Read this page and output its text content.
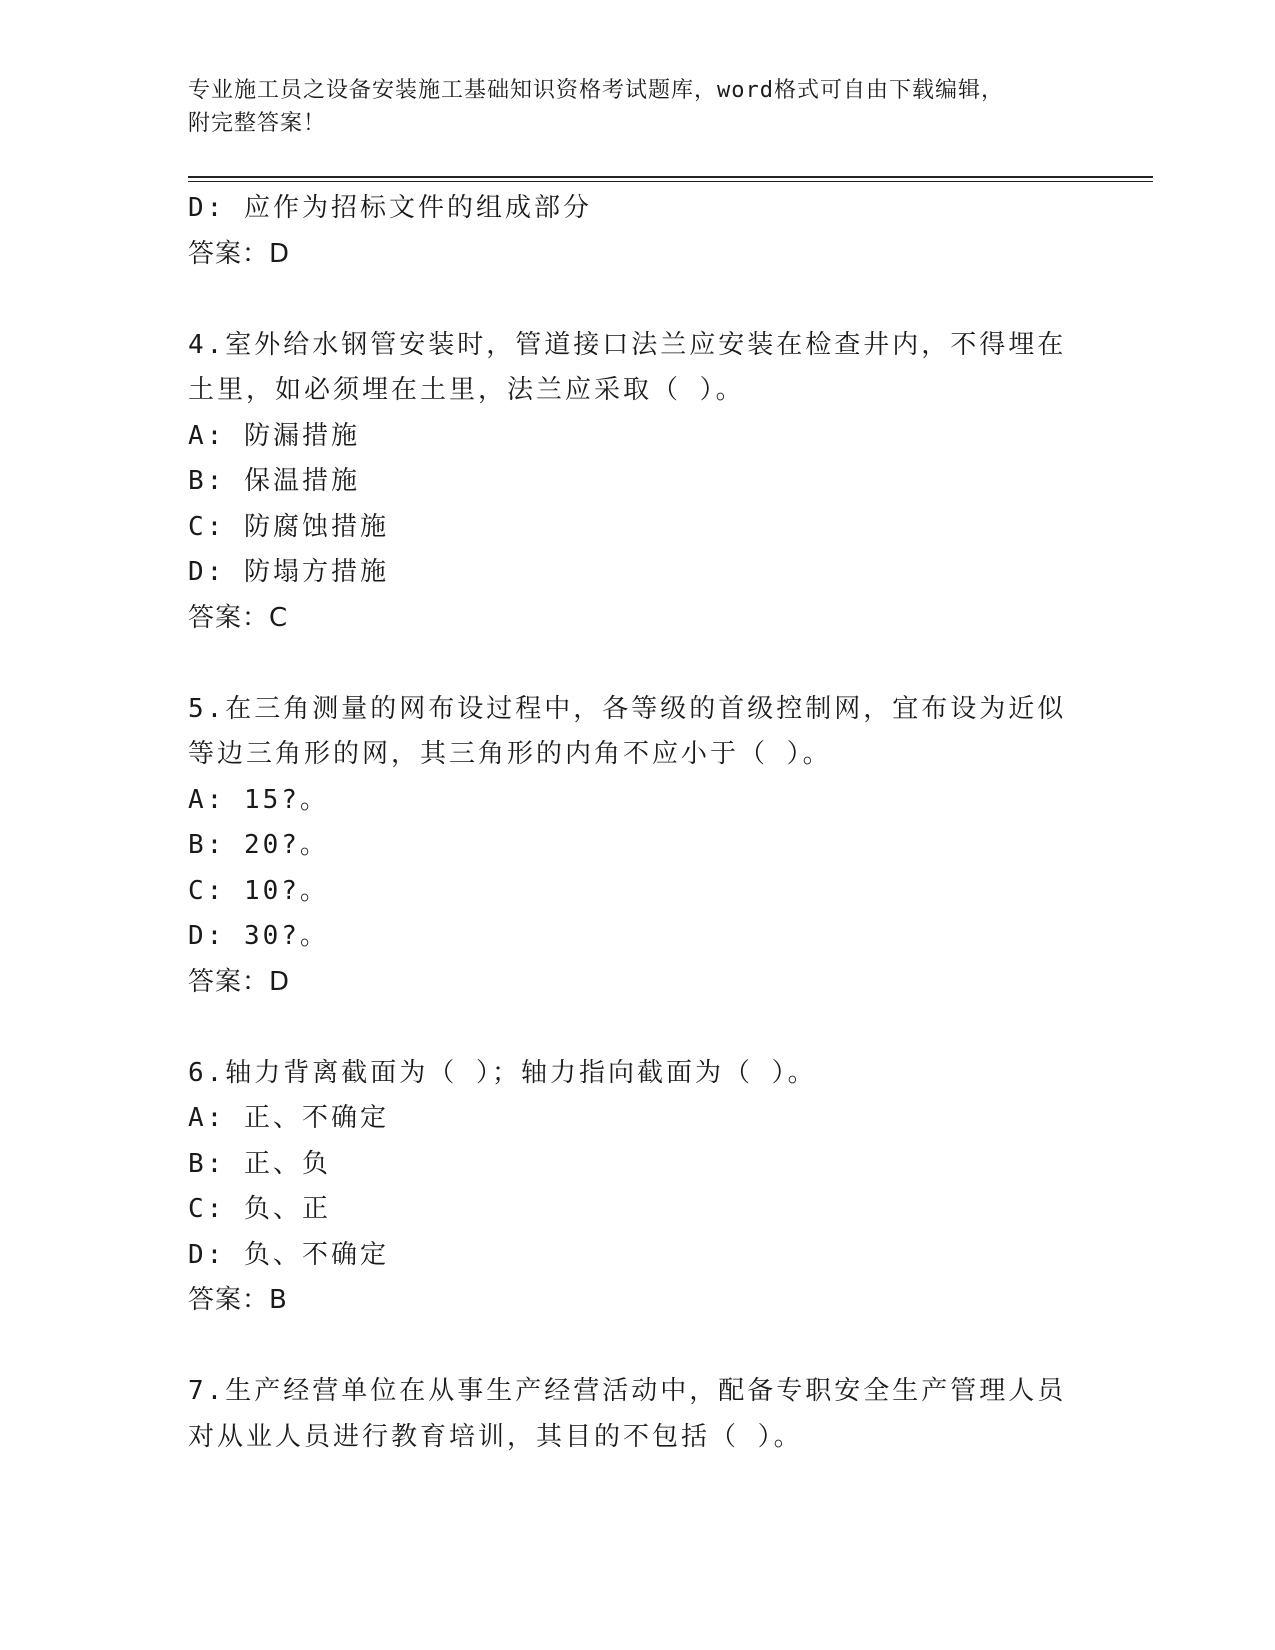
专业施工员之设备安装施工基础知识资格考试题库，word格式可自由下载编辑，
附完整答案！
D: 应作为招标文件的组成部分
答案：D
4.室外给水钢管安装时，管道接口法兰应安装在检查井内，不得埋在
土里，如必须埋在土里，法兰应采取（ ）。
A: 防漏措施
B: 保温措施
C: 防腐蚀措施
D: 防塌方措施
答案：C
5.在三角测量的网布设过程中，各等级的首级控制网，宜布设为近似
等边三角形的网，其三角形的内角不应小于（ ）。
A: 15?。
B: 20?。
C: 10?。
D: 30?。
答案：D
6.轴力背离截面为（ ）；轴力指向截面为（ ）。
A: 正、不确定
B: 正、负
C: 负、正
D: 负、不确定
答案：B
7.生产经营单位在从事生产经营活动中，配备专职安全生产管理人员
对从业人员进行教育培训，其目的不包括（ ）。
